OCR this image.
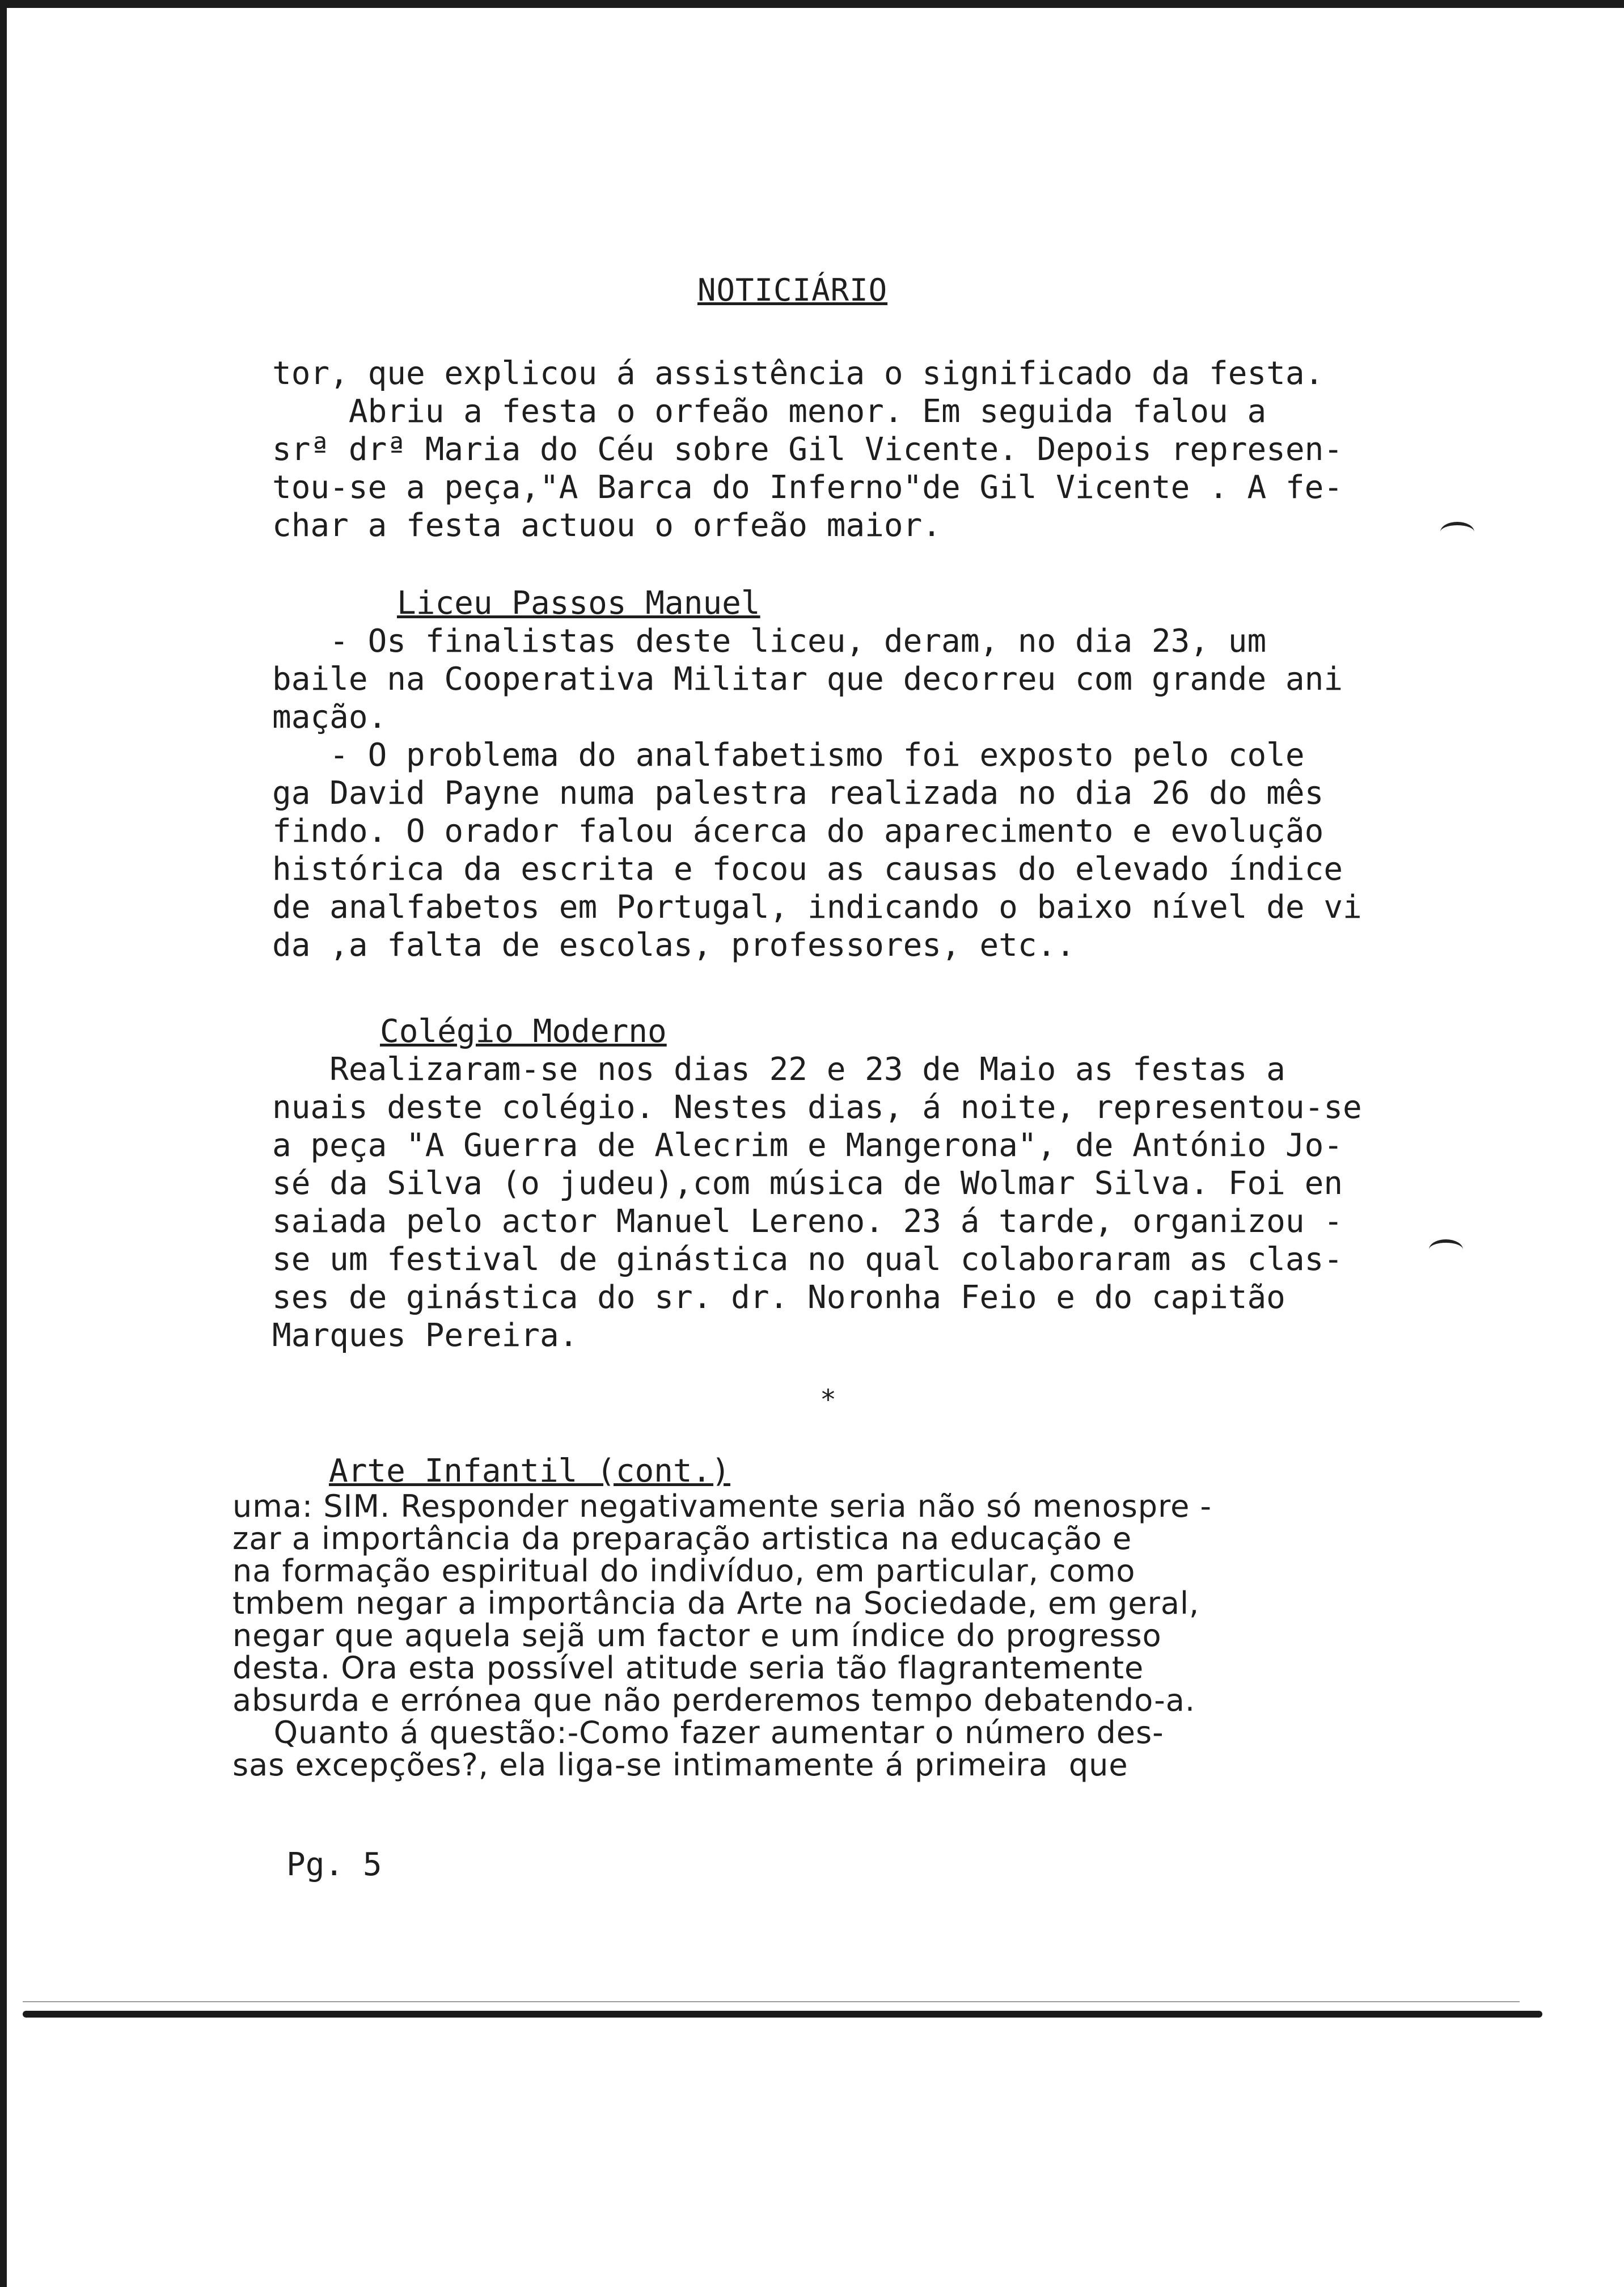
NOTICIÁRIO
tor, que explicou á assistência o significado da festa.
Abriu a festa o orfeão menor. Em seguida falou a
srª drª Maria do Céu sobre Gil Vicente. Depois represen-
tou-se a peça,"A Barca do Inferno"de Gil Vicente . A fe-
char a festa actuou o orfeão maior.
Liceu Passos Manuel
- Os finalistas deste liceu, deram, no dia 23, um
baile na Cooperativa Militar que decorreu com grande ani
mação.
- O problema do analfabetismo foi exposto pelo cole
ga David Payne numa palestra realizada no dia 26 do mês
findo. O orador falou ácerca do aparecimento e evolução
histórica da escrita e focou as causas do elevado índice
de analfabetos em Portugal, indicando o baixo nível de vi
da ,a falta de escolas, professores, etc..
Colégio Moderno
Realizaram-se nos dias 22 e 23 de Maio as festas a
nuais deste colégio. Nestes dias, á noite, representou-se
a peça "A Guerra de Alecrim e Mangerona", de António Jo-
sé da Silva (o judeu),com música de Wolmar Silva. Foi en
saiada pelo actor Manuel Lereno. 23 á tarde, organizou -
se um festival de ginástica no qual colaboraram as clas-
ses de ginástica do sr. dr. Noronha Feio e do capitão
Marques Pereira.
*
Arte Infantil (cont.)
uma: SIM. Responder negativamente seria não só menospre -
zar a importância da preparação artistica na educação e
na formação espiritual do indivíduo, em particular, como
tmbem negar a importância da Arte na Sociedade, em geral,
negar que aquela sejã um factor e um índice do progresso
desta. Ora esta possível atitude seria tão flagrantemente
absurda e errónea que não perderemos tempo debatendo-a.
Quanto á questão:-Como fazer aumentar o número des-
sas excepções?, ela liga-se intimamente á primeira  que
Pg. 5
